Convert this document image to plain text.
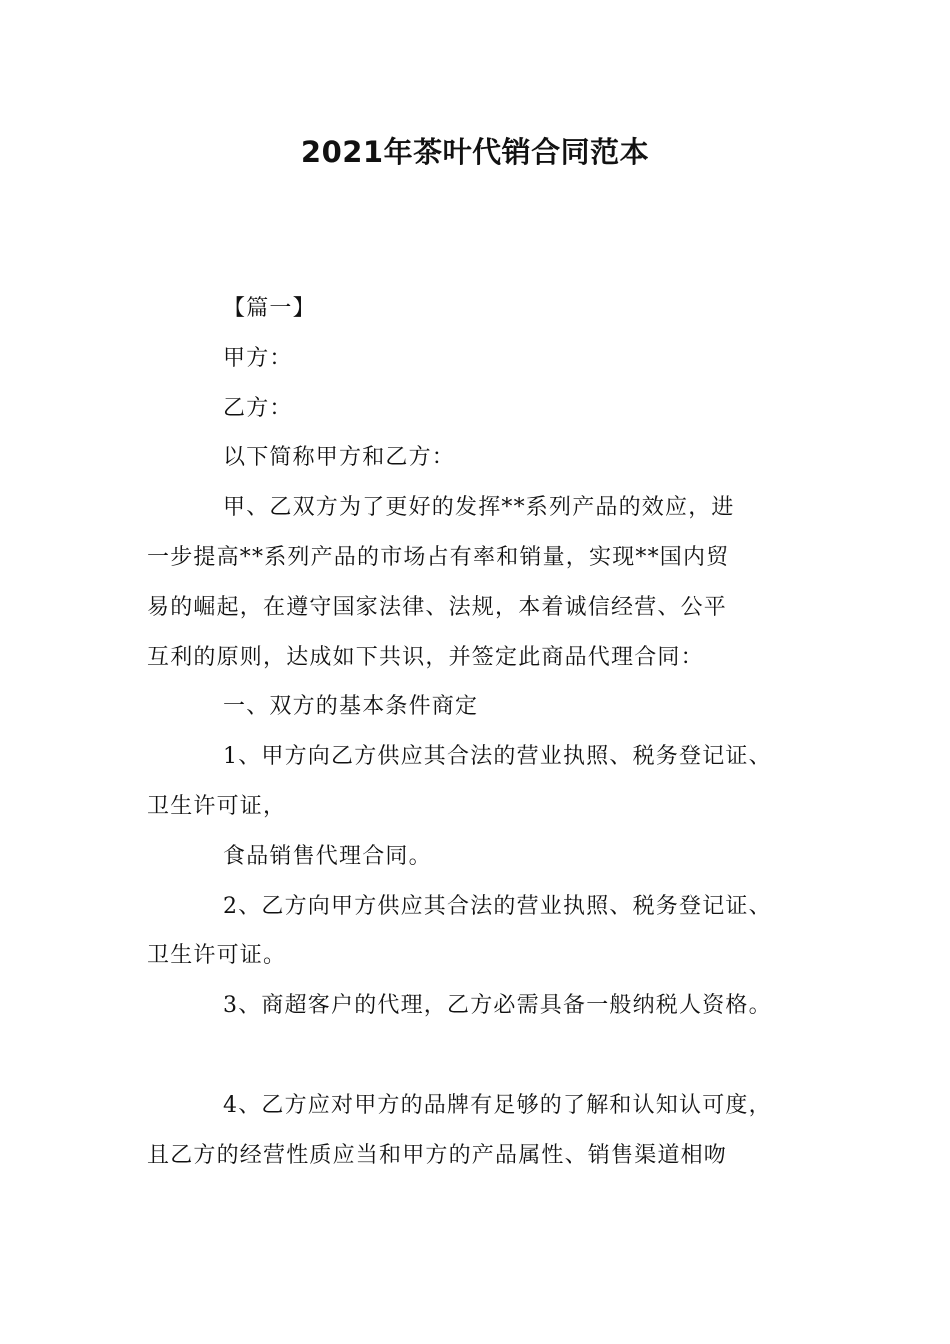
2021年茶叶代销合同范本
【篇一】
甲方：
乙方：
以下简称甲方和乙方：
甲、乙双方为了更好的发挥**系列产品的效应，进
一步提高**系列产品的市场占有率和销量，实现**国内贸
易的崛起，在遵守国家法律、法规，本着诚信经营、公平
互利的原则，达成如下共识，并签定此商品代理合同：
一、双方的基本条件商定
1、甲方向乙方供应其合法的营业执照、税务登记证、
卫生许可证，
食品销售代理合同。
2、乙方向甲方供应其合法的营业执照、税务登记证、
卫生许可证。
3、商超客户的代理，乙方必需具备一般纳税人资格。
4、乙方应对甲方的品牌有足够的了解和认知认可度，
且乙方的经营性质应当和甲方的产品属性、销售渠道相吻
